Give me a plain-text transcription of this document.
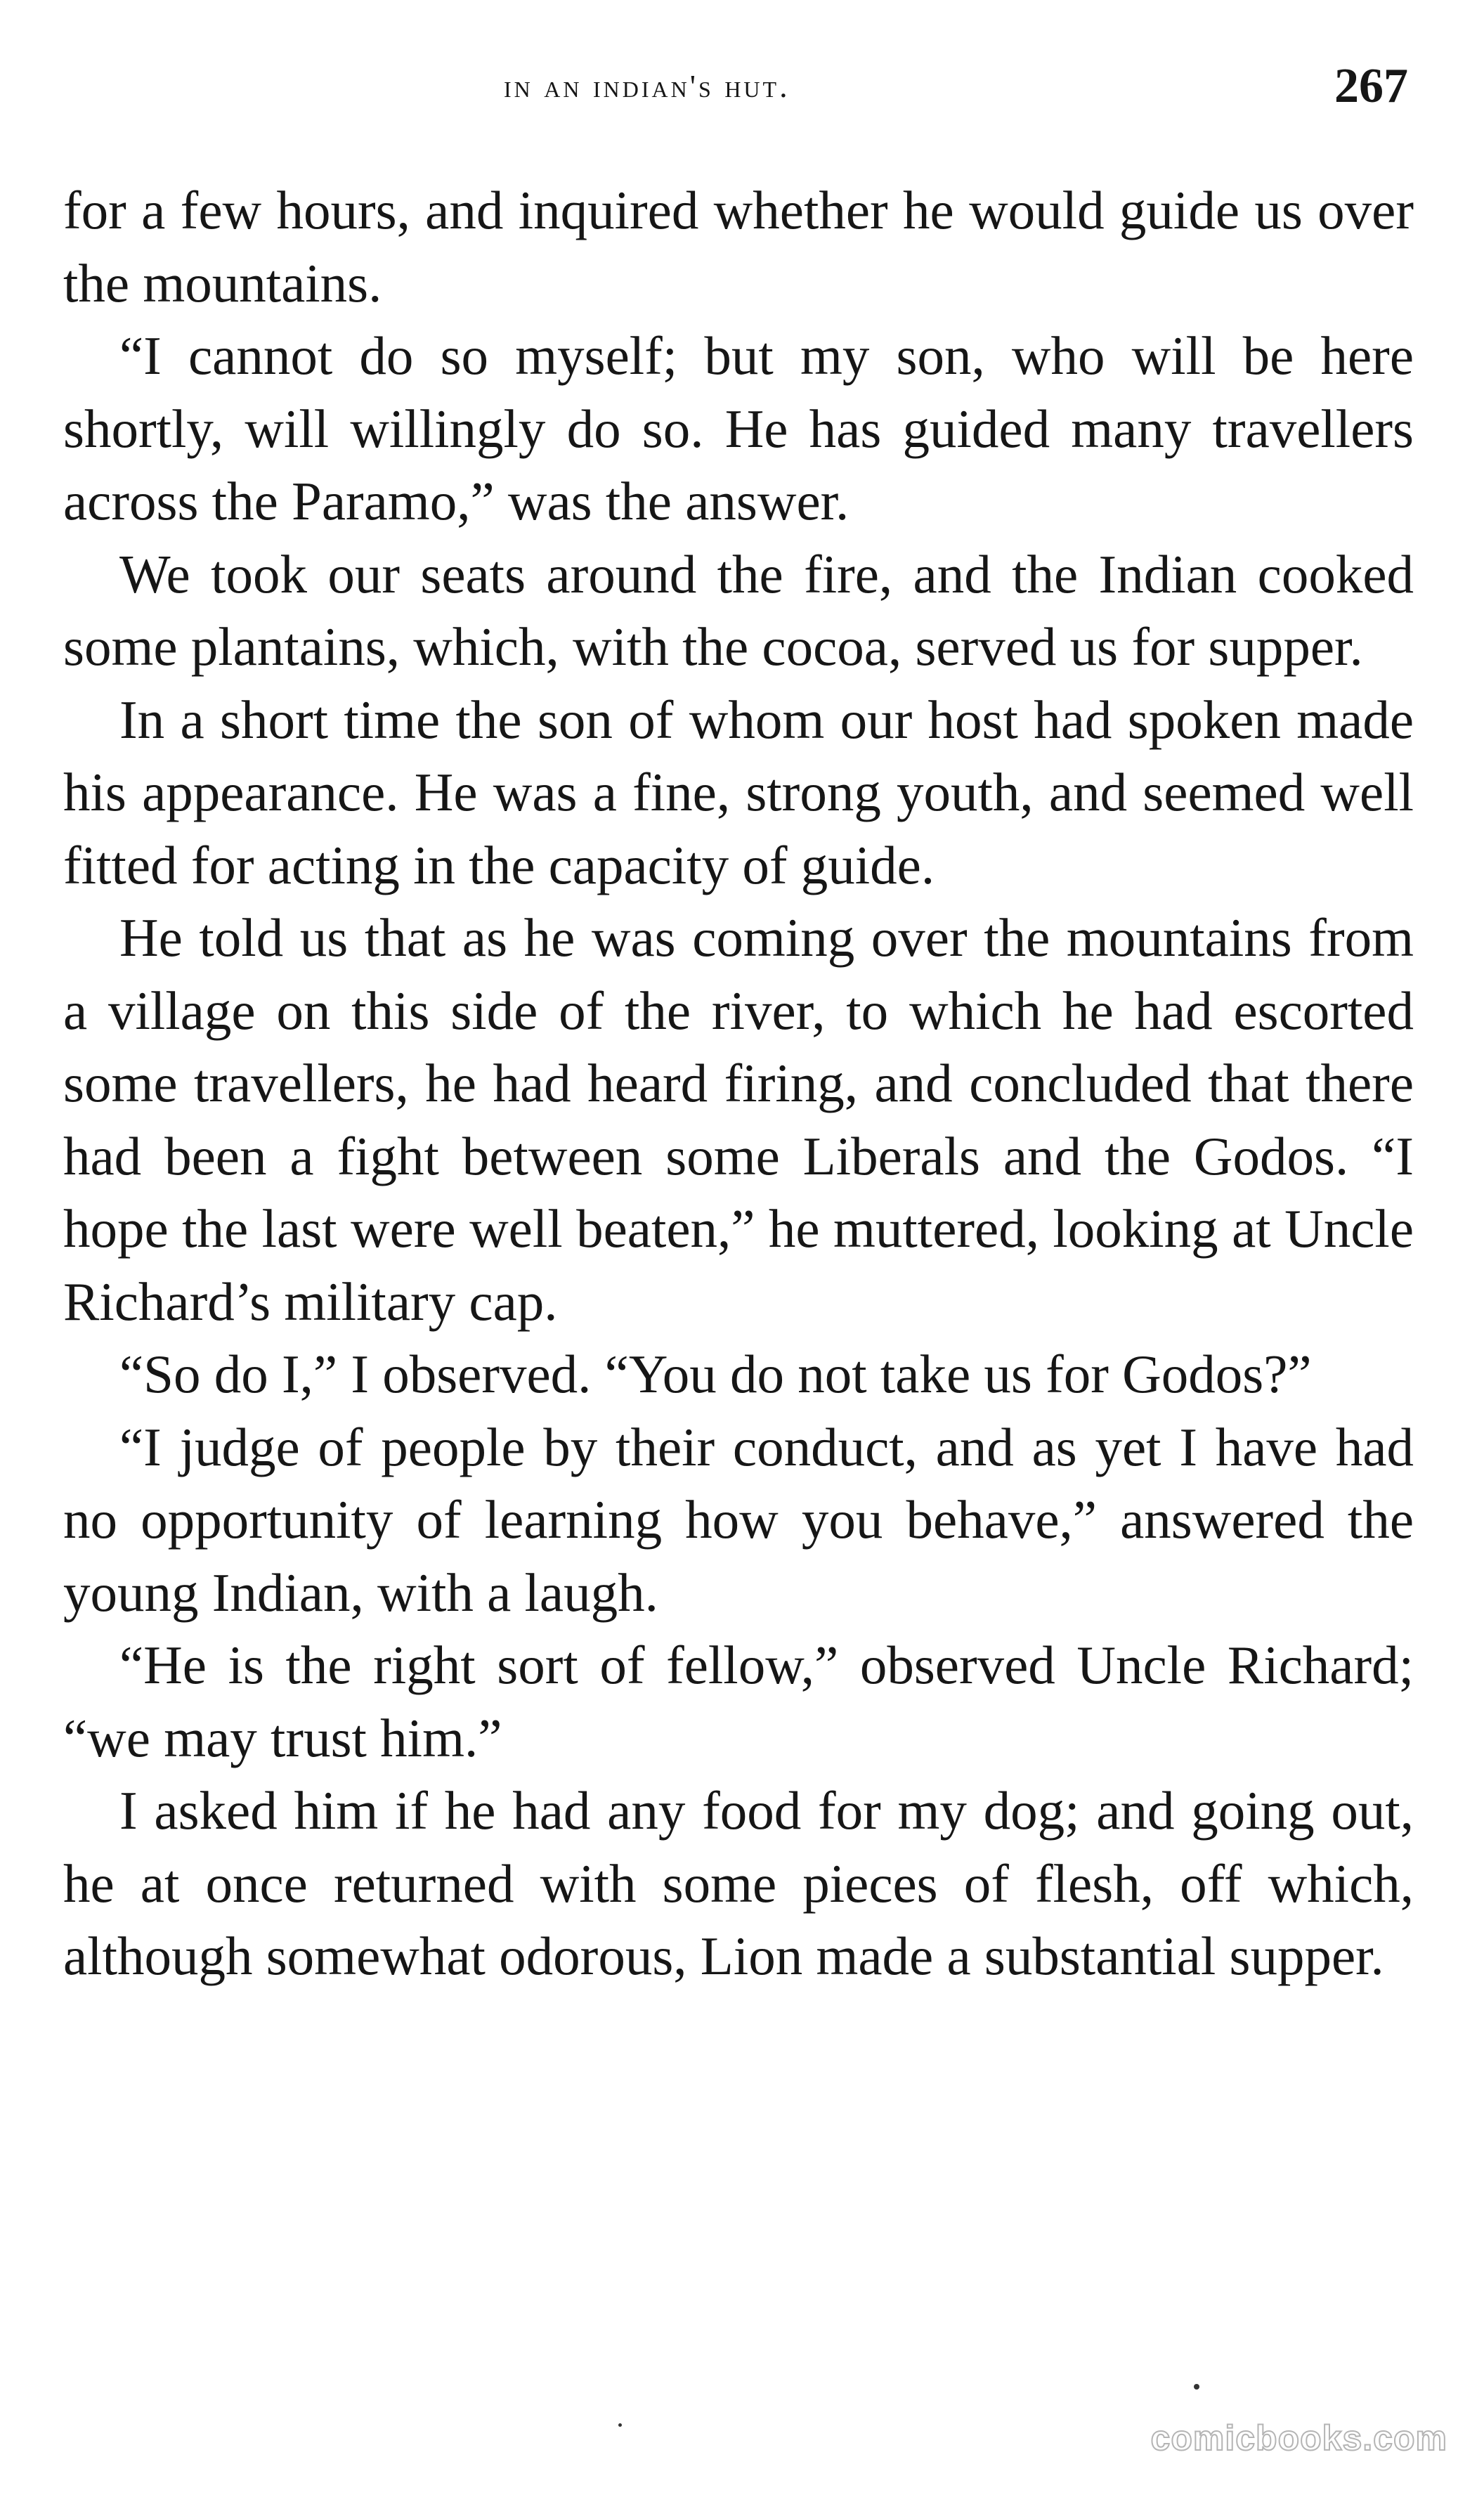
in an indian's hut.	267

for a few hours, and inquired whether he would guide us over the mountains.

“I cannot do so myself; but my son, who will be here shortly, will willingly do so. He has guided many travellers across the Paramo,” was the answer.

We took our seats around the fire, and the Indian cooked some plantains, which, with the cocoa, served us for supper.

In a short time the son of whom our host had spoken made his appearance. He was a fine, strong youth, and seemed well fitted for acting in the capacity of guide.

He told us that as he was coming over the mountains from a village on this side of the river, to which he had escorted some travellers, he had heard firing, and concluded that there had been a fight between some Liberals and the Godos. “I hope the last were well beaten,” he muttered, looking at Uncle Richard’s military cap.

“So do I,” I observed. “You do not take us for Godos?”

“I judge of people by their conduct, and as yet I have had no opportunity of learning how you behave,” answered the young Indian, with a laugh.

“He is the right sort of fellow,” observed Uncle Richard; “we may trust him.”

I asked him if he had any food for my dog; and going out, he at once returned with some pieces of flesh, off which, although somewhat odorous, Lion made a substantial supper.

comicbooks.com
